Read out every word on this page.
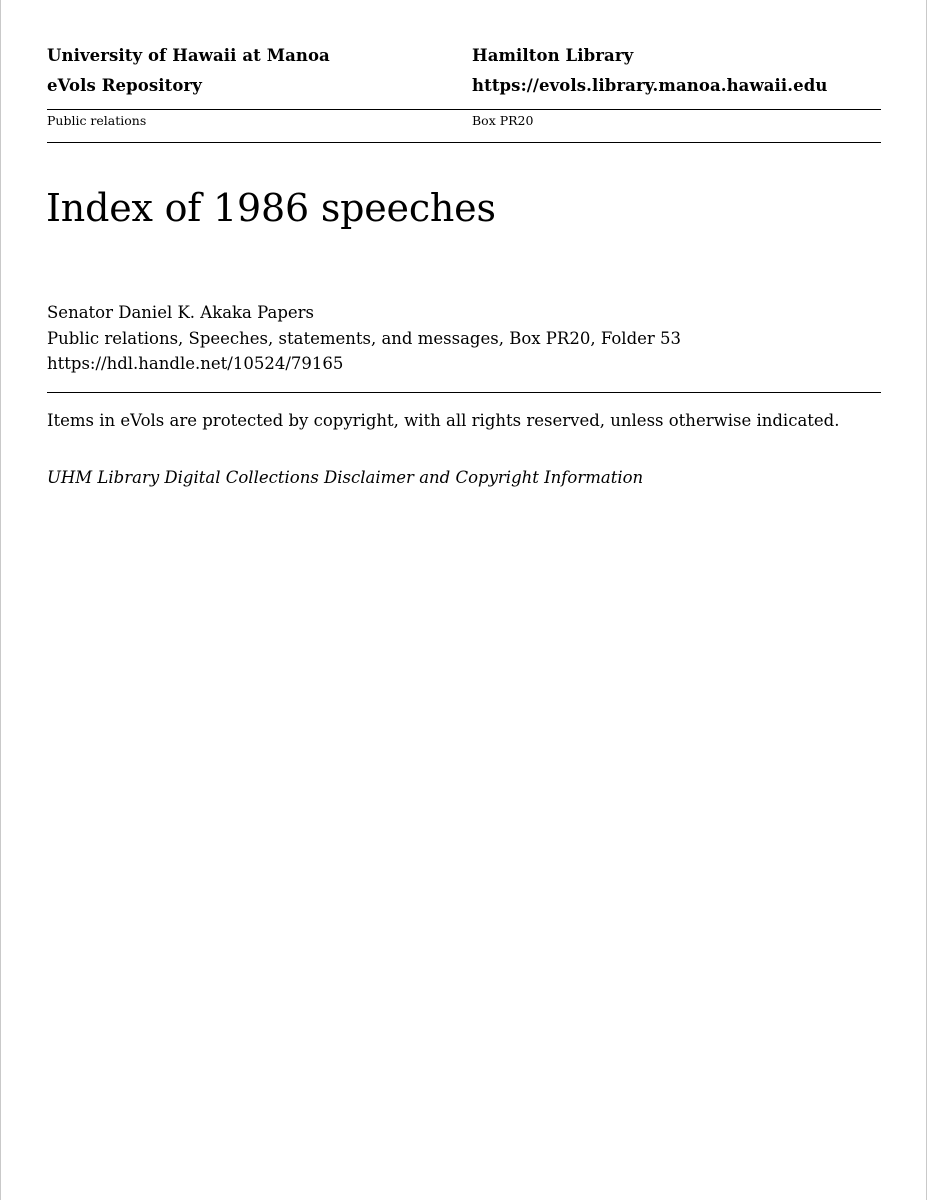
University of Hawaii at Manoa	Hamilton Library
eVols Repository	https://evols.library.manoa.hawaii.edu
Public relations	Box PR20
Index of 1986 speeches
Senator Daniel K. Akaka Papers
Public relations, Speeches, statements, and messages, Box PR20, Folder 53
https://hdl.handle.net/10524/79165
Items in eVols are protected by copyright, with all rights reserved, unless otherwise indicated.
UHM Library Digital Collections Disclaimer and Copyright Information
